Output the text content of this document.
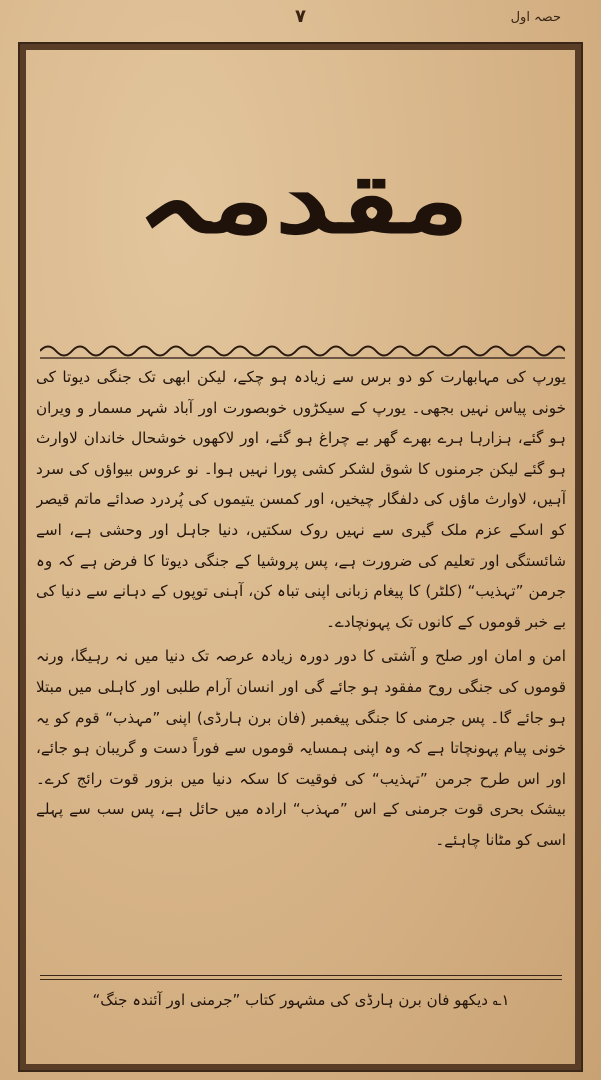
۷	حصہ اول
مقدمہ

یورپ کی مہابھارت کو دو برس سے زیادہ ہو چکے، لیکن ابھی تک جنگی دیوتا کی خونی پیاس نہیں بجھی۔ یورپ کے سیکڑوں خوبصورت اور آباد شہر مسمار و ویران ہو گئے، ہزارہا ہرے بھرے گھر بے چراغ ہو گئے، اور لاکھوں خوشحال خاندان لاوارث ہو گئے لیکن جرمنوں کا شوق لشکر کشی پورا نہیں ہوا۔ نو عروس بیواؤں کی سرد آہیں، لاوارث ماؤں کی دلفگار چیخیں، اور کمسن یتیموں کی پُردرد صدائے ماتم قیصر کو اسکے عزم ملک گیری سے نہیں روک سکتیں، دنیا جاہل اور وحشی ہے، اسے شائستگی اور تعلیم کی ضرورت ہے، پس پروشیا کے جنگی دیوتا کا فرض ہے کہ وہ جرمن ”تہذیب“ (کلٹر) کا پیغام زبانی اپنی تباہ کن، آہنی توپوں کے دہانے سے دنیا کی بے خبر قوموں کے کانوں تک پہونچادے۔

امن و امان اور صلح و آشتی کا دور دورہ زیادہ عرصہ تک دنیا میں نہ رہیگا، ورنہ قوموں کی جنگی روح مفقود ہو جائے گی اور انسان آرام طلبی اور کاہلی میں مبتلا ہو جائے گا۔ پس جرمنی کا جنگی پیغمبر (فان برن ہارڈی) اپنی ”مہذب“ قوم کو یہ خونی پیام پہونچاتا ہے کہ وہ اپنی ہمسایہ قوموں سے فوراً دست و گریبان ہو جائے، اور اس طرح جرمن ”تہذیب“ کی فوقیت کا سکہ دنیا میں بزور قوت رائج کرے۔ بیشک بحری قوت جرمنی کے اس ”مہذب“ ارادہ میں حائل ہے، پس سب سے پہلے اسی کو مٹانا چاہئے۔

۱؎ دیکھو فان برن ہارڈی کی مشہور کتاب ”جرمنی اور آئندہ جنگ“
